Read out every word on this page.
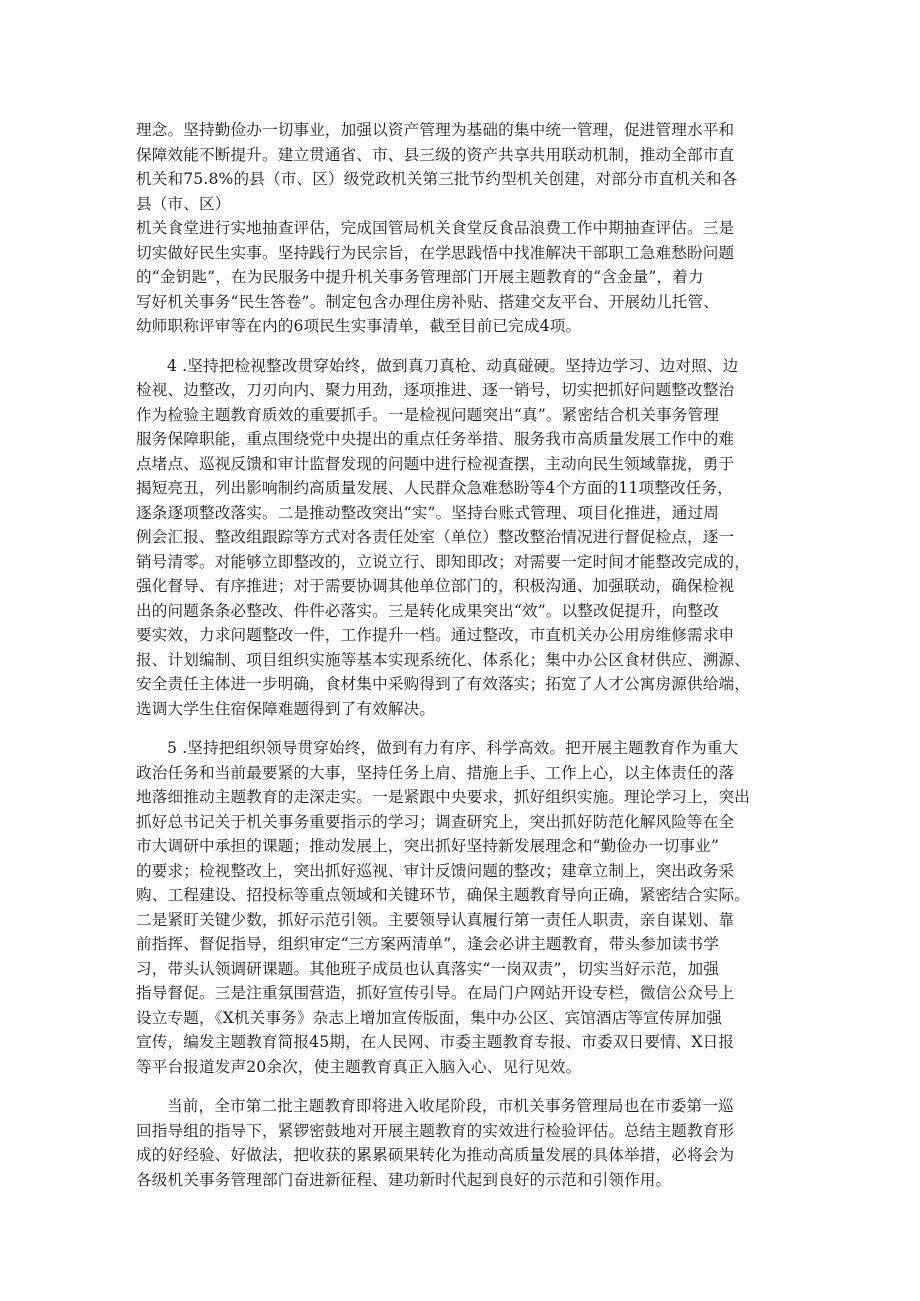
理念。坚持勤俭办一切事业，加强以资产管理为基础的集中统一管理，促进管理水平和
保障效能不断提升。建立贯通省、市、县三级的资产共享共用联动机制，推动全部市直
机关和75.8%的县（市、区）级党政机关第三批节约型机关创建，对部分市直机关和各
县（市、区）
机关食堂进行实地抽查评估，完成国管局机关食堂反食品浪费工作中期抽查评估。三是
切实做好民生实事。坚持践行为民宗旨，在学思践悟中找准解决干部职工急难愁盼问题
的“金钥匙”，在为民服务中提升机关事务管理部门开展主题教育的“含金量”，着力
写好机关事务“民生答卷”。制定包含办理住房补贴、搭建交友平台、开展幼儿托管、
幼师职称评审等在内的6项民生实事清单，截至目前已完成4项。
4 .坚持把检视整改贯穿始终，做到真刀真枪、动真碰硬。坚持边学习、边对照、边
检视、边整改，刀刃向内、聚力用劲，逐项推进、逐一销号，切实把抓好问题整改整治
作为检验主题教育质效的重要抓手。一是检视问题突出“真”。紧密结合机关事务管理
服务保障职能，重点围绕党中央提出的重点任务举措、服务我市高质量发展工作中的难
点堵点、巡视反馈和审计监督发现的问题中进行检视查摆，主动向民生领域靠拢，勇于
揭短亮丑，列出影响制约高质量发展、人民群众急难愁盼等4个方面的11项整改任务，
逐条逐项整改落实。二是推动整改突出“实”。坚持台账式管理、项目化推进，通过周
例会汇报、整改组跟踪等方式对各责任处室（单位）整改整治情况进行督促检点，逐一
销号清零。对能够立即整改的，立说立行、即知即改；对需要一定时间才能整改完成的，
强化督导、有序推进；对于需要协调其他单位部门的，积极沟通、加强联动，确保检视
出的问题条条必整改、件件必落实。三是转化成果突出“效”。以整改促提升，向整改
要实效，力求问题整改一件，工作提升一档。通过整改，市直机关办公用房维修需求申
报、计划编制、项目组织实施等基本实现系统化、体系化；集中办公区食材供应、溯源、
安全责任主体进一步明确，食材集中采购得到了有效落实；拓宽了人才公寓房源供给端，
选调大学生住宿保障难题得到了有效解决。
5 .坚持把组织领导贯穿始终，做到有力有序、科学高效。把开展主题教育作为重大
政治任务和当前最要紧的大事，坚持任务上肩、措施上手、工作上心，以主体责任的落
地落细推动主题教育的走深走实。一是紧跟中央要求，抓好组织实施。理论学习上，突出
抓好总书记关于机关事务重要指示的学习；调查研究上，突出抓好防范化解风险等在全
市大调研中承担的课题；推动发展上，突出抓好坚持新发展理念和“勤俭办一切事业”
的要求；检视整改上，突出抓好巡视、审计反馈问题的整改；建章立制上，突出政务采
购、工程建设、招投标等重点领域和关键环节，确保主题教育导向正确，紧密结合实际。
二是紧盯关键少数，抓好示范引领。主要领导认真履行第一责任人职责，亲自谋划、靠
前指挥、督促指导，组织审定“三方案两清单”，逢会必讲主题教育，带头参加读书学
习，带头认领调研课题。其他班子成员也认真落实“一岗双责”，切实当好示范，加强
指导督促。三是注重氛围营造，抓好宣传引导。在局门户网站开设专栏，微信公众号上
设立专题，《X机关事务》杂志上增加宣传版面，集中办公区、宾馆酒店等宣传屏加强
宣传，编发主题教育简报45期，在人民网、市委主题教育专报、市委双日要情、X日报
等平台报道发声20余次，使主题教育真正入脑入心、见行见效。
当前，全市第二批主题教育即将进入收尾阶段，市机关事务管理局也在市委第一巡
回指导组的指导下，紧锣密鼓地对开展主题教育的实效进行检验评估。总结主题教育形
成的好经验、好做法，把收获的累累硕果转化为推动高质量发展的具体举措，必将会为
各级机关事务管理部门奋进新征程、建功新时代起到良好的示范和引领作用。
